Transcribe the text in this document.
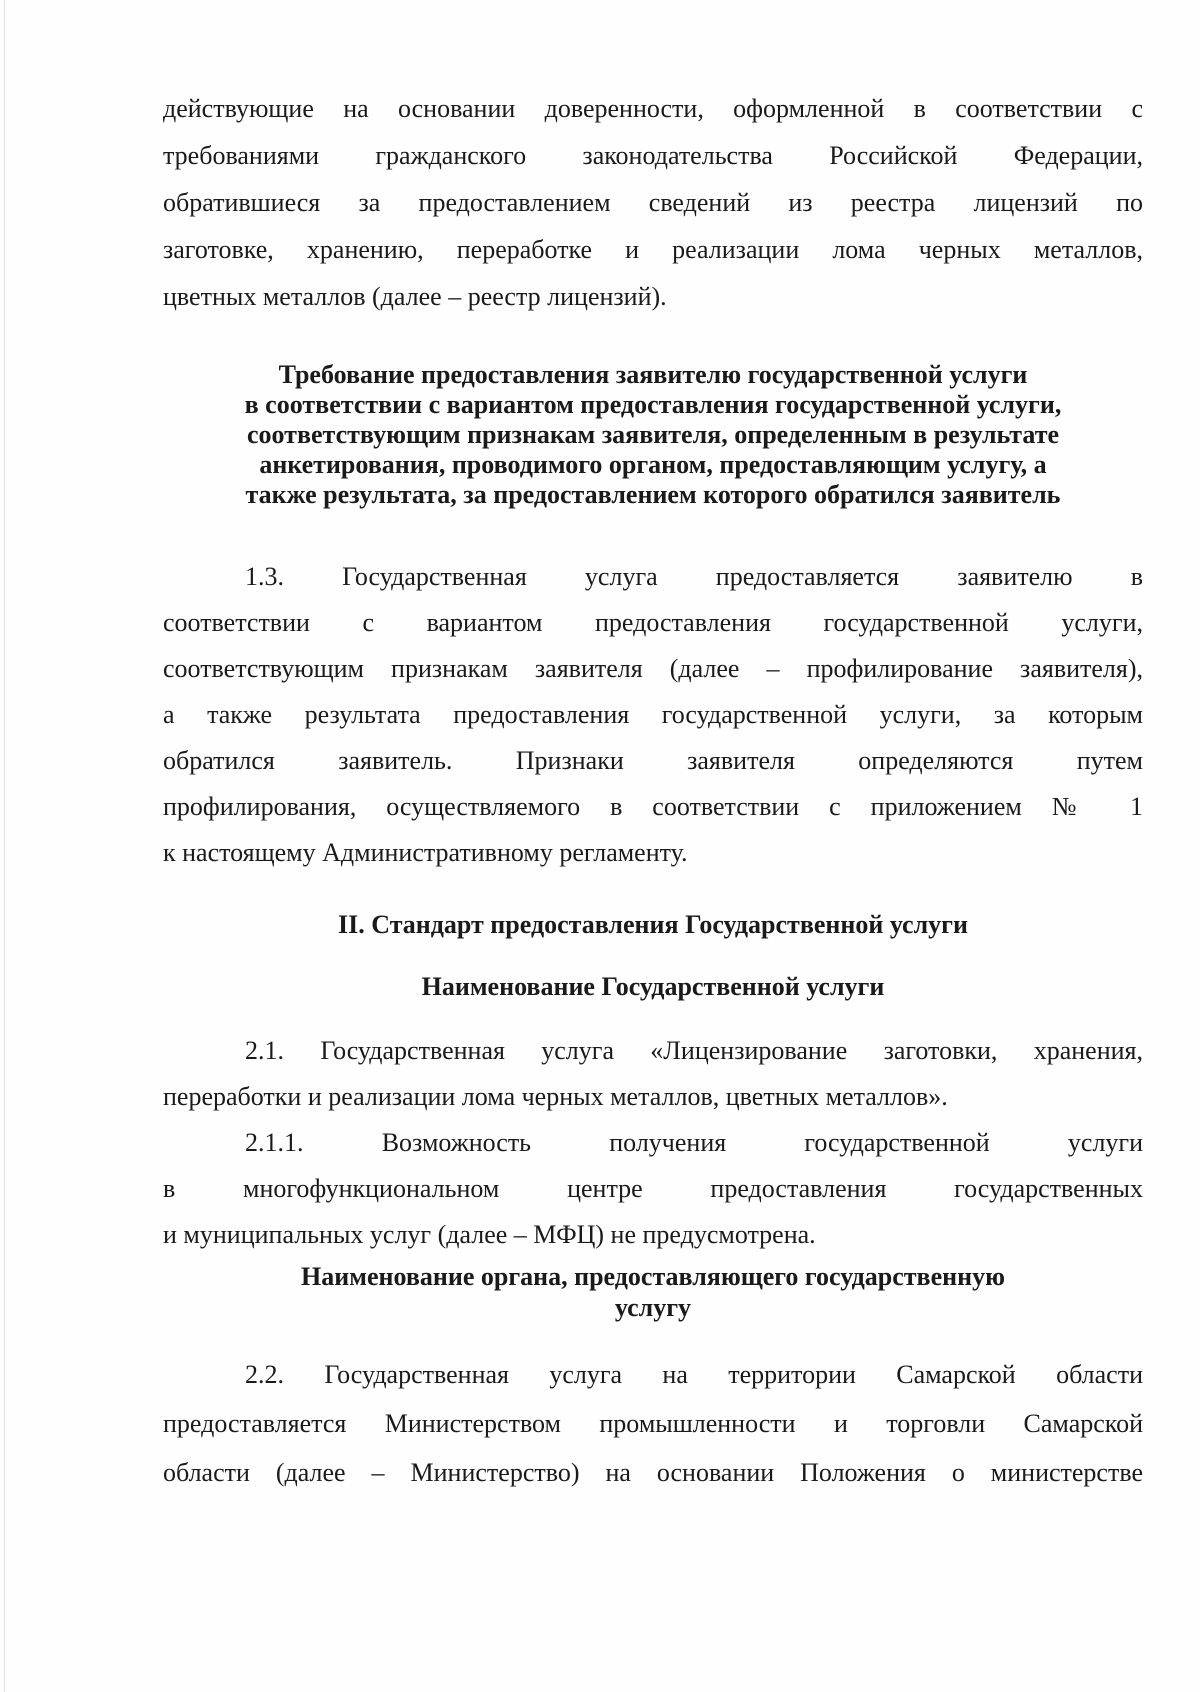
действующие на основании доверенности, оформленной в соответствии с
требованиями гражданского законодательства Российской Федерации,
обратившиеся за предоставлением сведений из реестра лицензий по
заготовке, хранению, переработке и реализации лома черных металлов,
цветных металлов (далее – реестр лицензий).
Требование предоставления заявителю государственной услуги
в соответствии с вариантом предоставления государственной услуги,
соответствующим признакам заявителя, определенным в результате
анкетирования, проводимого органом, предоставляющим услугу, а
также результата, за предоставлением которого обратился заявитель
1.3. Государственная услуга предоставляется заявителю в
соответствии с вариантом предоставления государственной услуги,
соответствующим признакам заявителя (далее – профилирование заявителя),
а также результата предоставления государственной услуги, за которым
обратился заявитель. Признаки заявителя определяются путем
профилирования, осуществляемого в соответствии с приложением № 1
к настоящему Административному регламенту.
II. Стандарт предоставления Государственной услуги
Наименование Государственной услуги
2.1. Государственная услуга «Лицензирование заготовки, хранения,
переработки и реализации лома черных металлов, цветных металлов».
2.1.1. Возможность получения государственной услуги
в многофункциональном центре предоставления государственных
и муниципальных услуг (далее – МФЦ) не предусмотрена.
Наименование органа, предоставляющего государственную
услугу
2.2. Государственная услуга на территории Самарской области
предоставляется Министерством промышленности и торговли Самарской
области (далее – Министерство) на основании Положения о министерстве
